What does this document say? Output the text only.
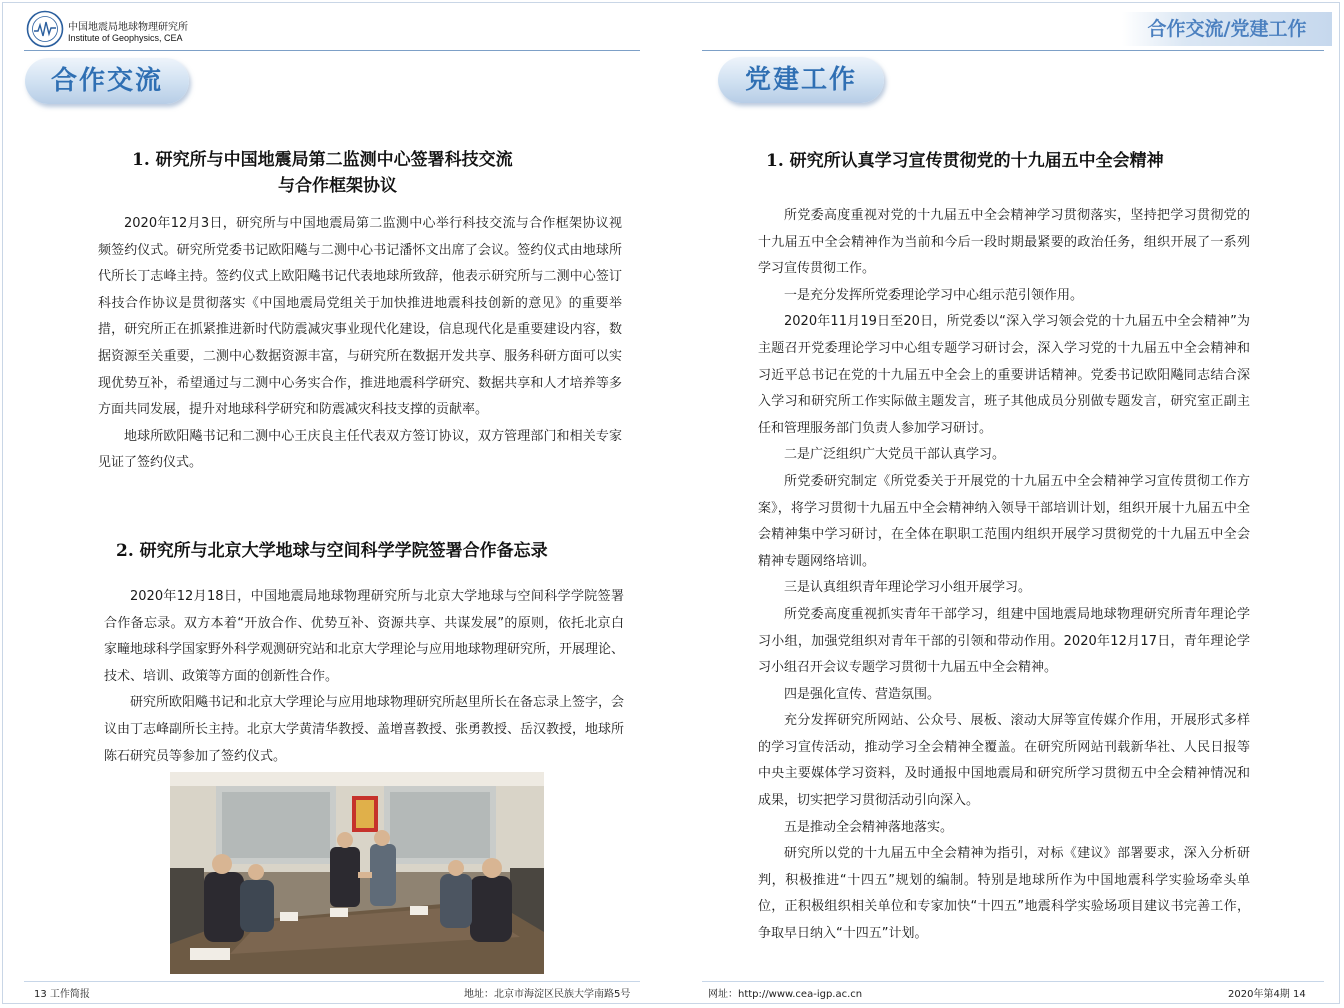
中国地震局地球物理研究所
Institute of Geophysics, CEA
合作交流
1. 研究所与中国地震局第二监测中心签署科技交流
与合作框架协议

2020年12月3日，研究所与中国地震局第二监测中心举行科技交流与合作框架协议视频签约仪式。研究所党委书记欧阳飚与二测中心书记潘怀文出席了会议。签约仪式由地球所代所长丁志峰主持。签约仪式上欧阳飚书记代表地球所致辞，他表示研究所与二测中心签订科技合作协议是贯彻落实《中国地震局党组关于加快推进地震科技创新的意见》的重要举措，研究所正在抓紧推进新时代防震减灾事业现代化建设，信息现代化是重要建设内容，数据资源至关重要，二测中心数据资源丰富，与研究所在数据开发共享、服务科研方面可以实现优势互补，希望通过与二测中心务实合作，推进地震科学研究、数据共享和人才培养等多方面共同发展，提升对地球科学研究和防震减灾科技支撑的贡献率。

地球所欧阳飚书记和二测中心王庆良主任代表双方签订协议，双方管理部门和相关专家见证了签约仪式。

2. 研究所与北京大学地球与空间科学学院签署合作备忘录

2020年12月18日，中国地震局地球物理研究所与北京大学地球与空间科学学院签署合作备忘录。双方本着“开放合作、优势互补、资源共享、共谋发展”的原则，依托北京白家疃地球科学国家野外科学观测研究站和北京大学理论与应用地球物理研究所，开展理论、技术、培训、政策等方面的创新性合作。

研究所欧阳飚书记和北京大学理论与应用地球物理研究所赵里所长在备忘录上签字，会议由丁志峰副所长主持。北京大学黄清华教授、盖增喜教授、张勇教授、岳汉教授，地球所陈石研究员等参加了签约仪式。

13 工作简报	地址：北京市海淀区民族大学南路5号
合作交流/党建工作
党建工作
1. 研究所认真学习宣传贯彻党的十九届五中全会精神

所党委高度重视对党的十九届五中全会精神学习贯彻落实，坚持把学习贯彻党的十九届五中全会精神作为当前和今后一段时期最紧要的政治任务，组织开展了一系列学习宣传贯彻工作。

一是充分发挥所党委理论学习中心组示范引领作用。

2020年11月19日至20日，所党委以“深入学习领会党的十九届五中全会精神”为主题召开党委理论学习中心组专题学习研讨会，深入学习党的十九届五中全会精神和习近平总书记在党的十九届五中全会上的重要讲话精神。党委书记欧阳飚同志结合深入学习和研究所工作实际做主题发言，班子其他成员分别做专题发言，研究室正副主任和管理服务部门负责人参加学习研讨。

二是广泛组织广大党员干部认真学习。

所党委研究制定《所党委关于开展党的十九届五中全会精神学习宣传贯彻工作方案》，将学习贯彻十九届五中全会精神纳入领导干部培训计划，组织开展十九届五中全会精神集中学习研讨，在全体在职职工范围内组织开展学习贯彻党的十九届五中全会精神专题网络培训。

三是认真组织青年理论学习小组开展学习。

所党委高度重视抓实青年干部学习，组建中国地震局地球物理研究所青年理论学习小组，加强党组织对青年干部的引领和带动作用。2020年12月17日，青年理论学习小组召开会议专题学习贯彻十九届五中全会精神。

四是强化宣传、营造氛围。

充分发挥研究所网站、公众号、展板、滚动大屏等宣传媒介作用，开展形式多样的学习宣传活动，推动学习全会精神全覆盖。在研究所网站刊载新华社、人民日报等中央主要媒体学习资料，及时通报中国地震局和研究所学习贯彻五中全会精神情况和成果，切实把学习贯彻活动引向深入。

五是推动全会精神落地落实。

研究所以党的十九届五中全会精神为指引，对标《建议》部署要求，深入分析研判，积极推进“十四五”规划的编制。特别是地球所作为中国地震科学实验场牵头单位，正积极组织相关单位和专家加快“十四五”地震科学实验场项目建议书完善工作，争取早日纳入“十四五”计划。

网址：http://www.cea-igp.ac.cn	2020年第4期 14
